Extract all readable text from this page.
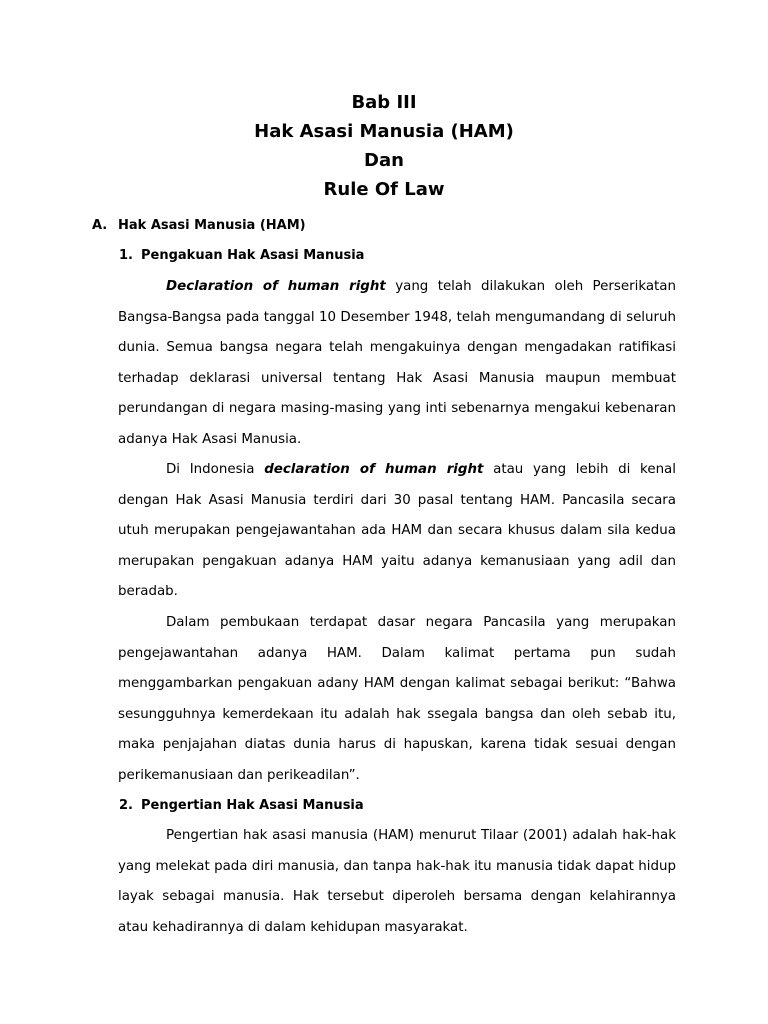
Bab III
Hak Asasi Manusia (HAM)
Dan
Rule Of Law
A. Hak Asasi Manusia (HAM)
1. Pengakuan Hak Asasi Manusia

Declaration of human right yang telah dilakukan oleh Perserikatan Bangsa-Bangsa pada tanggal 10 Desember 1948, telah mengumandang di seluruh dunia. Semua bangsa negara telah mengakuinya dengan mengadakan ratifikasi terhadap deklarasi universal tentang Hak Asasi Manusia maupun membuat perundangan di negara masing-masing yang inti sebenarnya mengakui kebenaran adanya Hak Asasi Manusia.

Di Indonesia declaration of human right atau yang lebih di kenal dengan Hak Asasi Manusia terdiri dari 30 pasal tentang HAM. Pancasila secara utuh merupakan pengejawantahan ada HAM dan secara khusus dalam sila kedua merupakan pengakuan adanya HAM yaitu adanya kemanusiaan yang adil dan beradab.

Dalam pembukaan terdapat dasar negara Pancasila yang merupakan pengejawantahan adanya HAM. Dalam kalimat pertama pun sudah menggambarkan pengakuan adany HAM dengan kalimat sebagai berikut: “Bahwa sesungguhnya kemerdekaan itu adalah hak ssegala bangsa dan oleh sebab itu, maka penjajahan diatas dunia harus di hapuskan, karena tidak sesuai dengan perikemanusiaan dan perikeadilan”.

2. Pengertian Hak Asasi Manusia

Pengertian hak asasi manusia (HAM) menurut Tilaar (2001) adalah hak-hak yang melekat pada diri manusia, dan tanpa hak-hak itu manusia tidak dapat hidup layak sebagai manusia. Hak tersebut diperoleh bersama dengan kelahirannya atau kehadirannya di dalam kehidupan masyarakat.
